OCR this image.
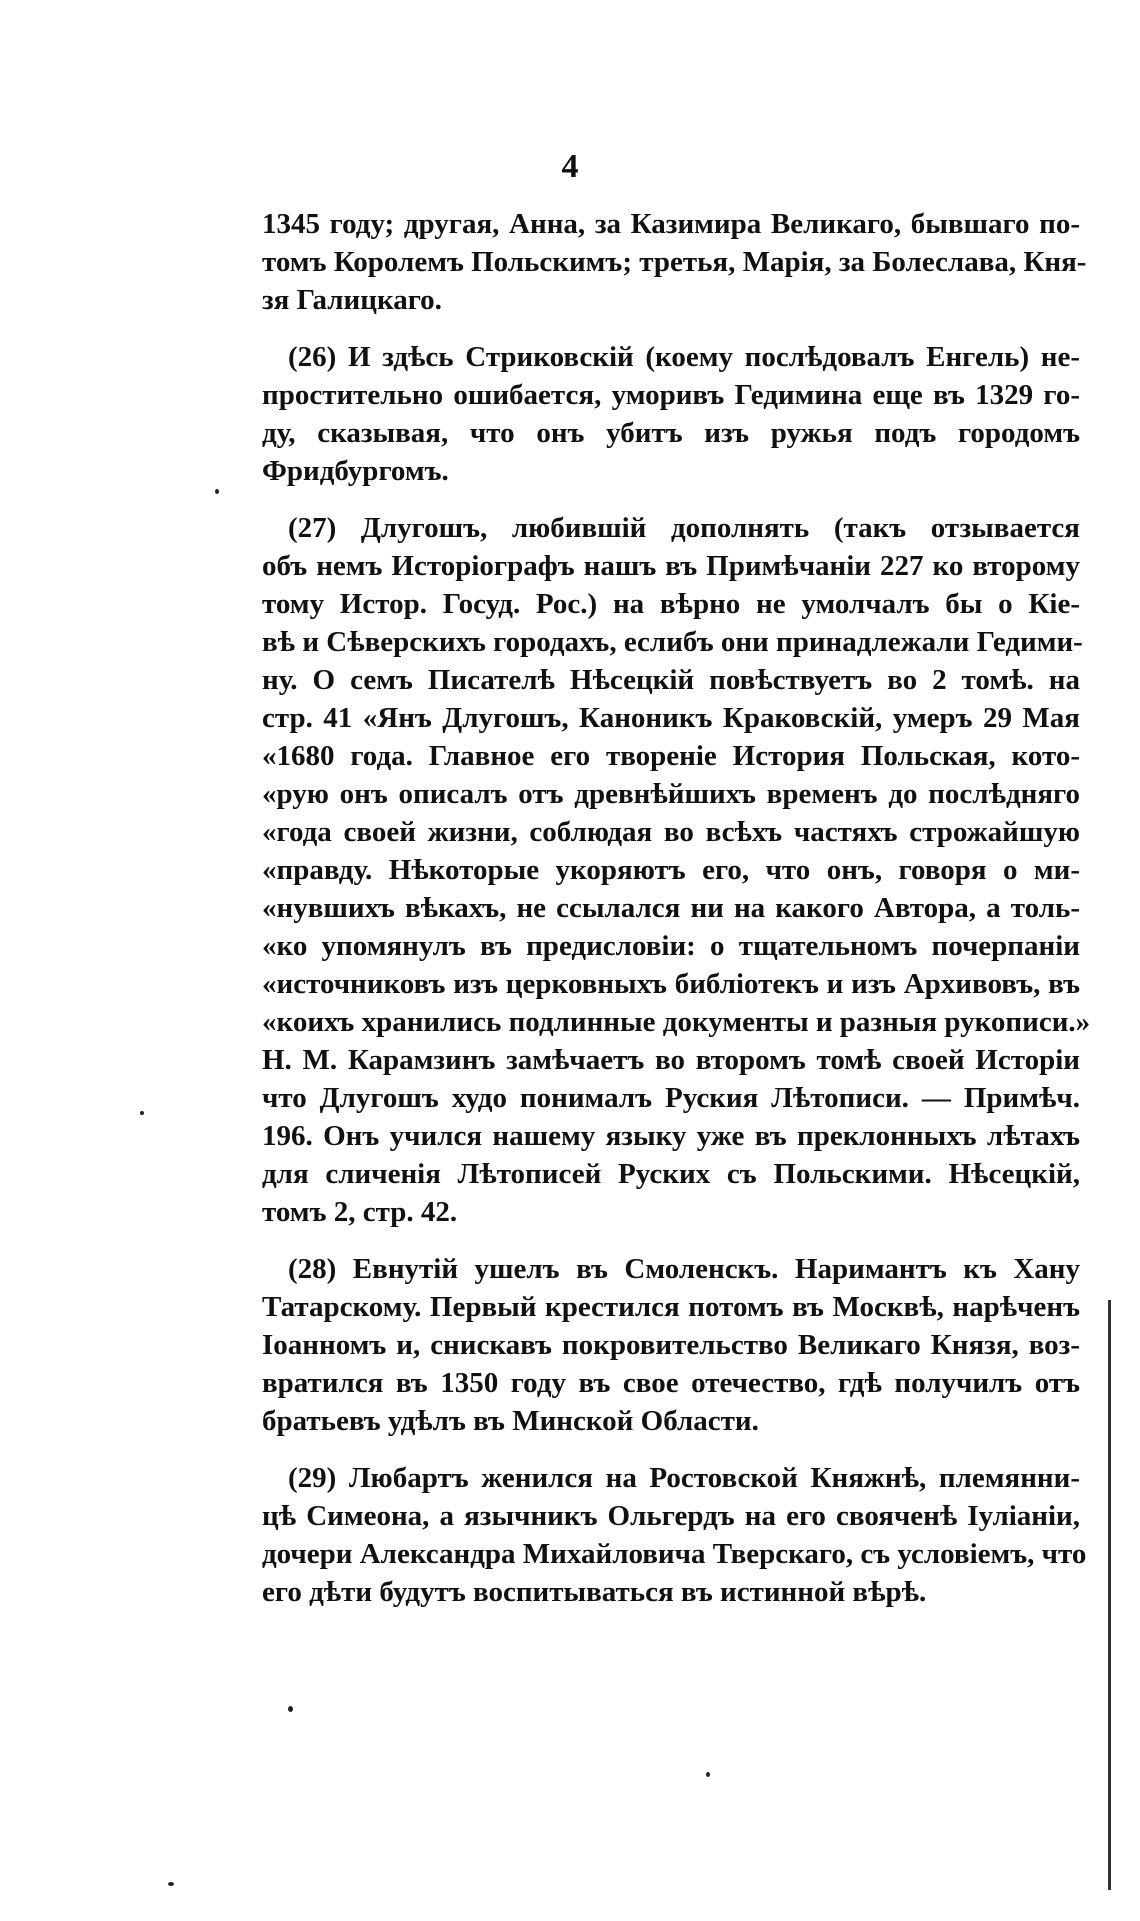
4
1345 году; другая, Анна, за Казимира Великаго, бывшаго по-
томъ Королемъ Польскимъ; третья, Марія, за Болеслава, Кня-
зя Галицкаго.
(26) И здѣсь Стриковскій (коему послѣдовалъ Енгель) не-
простительно ошибается, уморивъ Гедимина еще въ 1329 го-
ду, сказывая, что онъ убитъ изъ ружья подъ городомъ
Фридбургомъ.
(27) Длугошъ, любившій дополнять (такъ отзывается
объ немъ Исторіографъ нашъ въ Примѣчаніи 227 ко второму
тому Истор. Госуд. Рос.) на вѣрно не умолчалъ бы о Кіе-
вѣ и Сѣверскихъ городахъ, еслибъ они принадлежали Гедими-
ну. О семъ Писателѣ Нѣсецкій повѣствуетъ во 2 томѣ. на
стр. 41 «Янъ Длугошъ, Каноникъ Краковскій, умеръ 29 Мая
«1680 года. Главное его твореніе История Польская, кото-
«рую онъ описалъ отъ древнѣйшихъ временъ до послѣдняго
«года своей жизни, соблюдая во всѣхъ частяхъ строжайшую
«правду. Нѣкоторые укоряютъ его, что онъ, говоря о ми-
«нувшихъ вѣкахъ, не ссылался ни на какого Автора, а толь-
«ко упомянулъ въ предисловіи: о тщательномъ почерпаніи
«источниковъ изъ церковныхъ библіотекъ и изъ Архивовъ, въ
«коихъ хранились подлинные документы и разныя рукописи.»
Н. М. Карамзинъ замѣчаетъ во второмъ томѣ своей Исторіи
что Длугошъ худо понималъ Руския Лѣтописи. — Примѣч.
196. Онъ учился нашему языку уже въ преклонныхъ лѣтахъ
для сличенія Лѣтописей Руских съ Польскими. Нѣсецкій,
томъ 2, стр. 42.
(28) Евнутій ушелъ въ Смоленскъ. Наримантъ къ Хану
Татарскому. Первый крестился потомъ въ Москвѣ, нарѣченъ
Іоанномъ и, снискавъ покровительство Великаго Князя, воз-
вратился въ 1350 году въ свое отечество, гдѣ получилъ отъ
братьевъ удѣлъ въ Минской Области.
(29) Любартъ женился на Ростовской Княжнѣ, племянни-
цѣ Симеона, а язычникъ Ольгердъ на его свояченѣ Іуліаніи,
дочери Александра Михайловича Тверскаго, съ условіемъ, что
его дѣти будутъ воспитываться въ истинной вѣрѣ.
